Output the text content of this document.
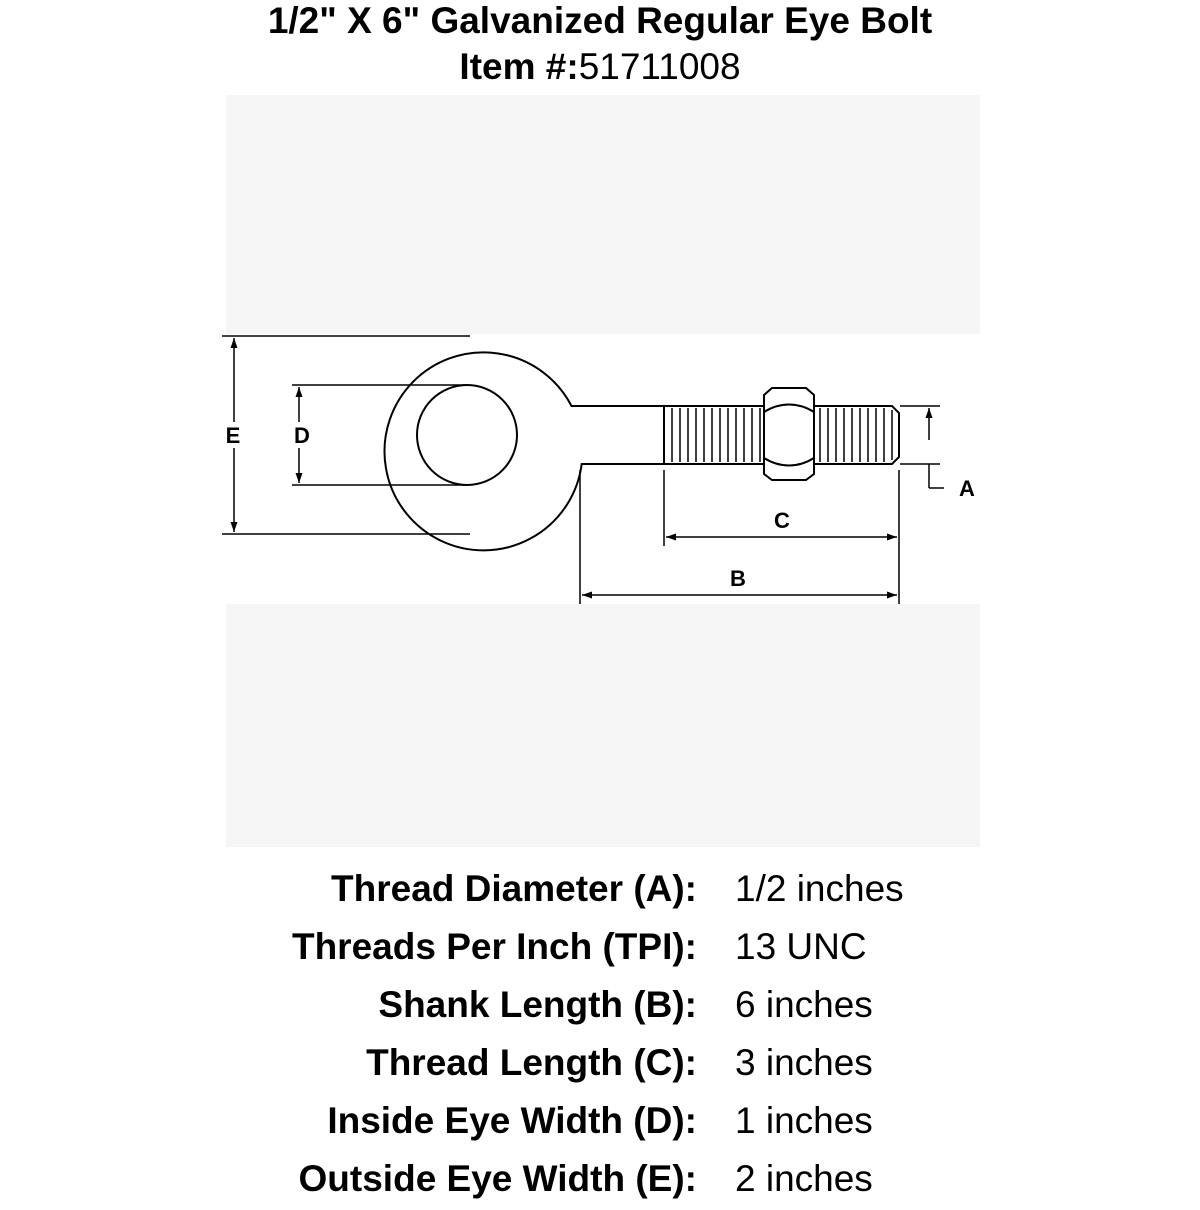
1/2" X 6" Galvanized Regular Eye Bolt
Item #:51711008
E D
C
B
A
Thread Diameter (A): 1/2 inches
Threads Per Inch (TPI): 13 UNC
Shank Length (B): 6 inches
Thread Length (C): 3 inches
Inside Eye Width (D): 1 inches
Outside Eye Width (E): 2 inches
